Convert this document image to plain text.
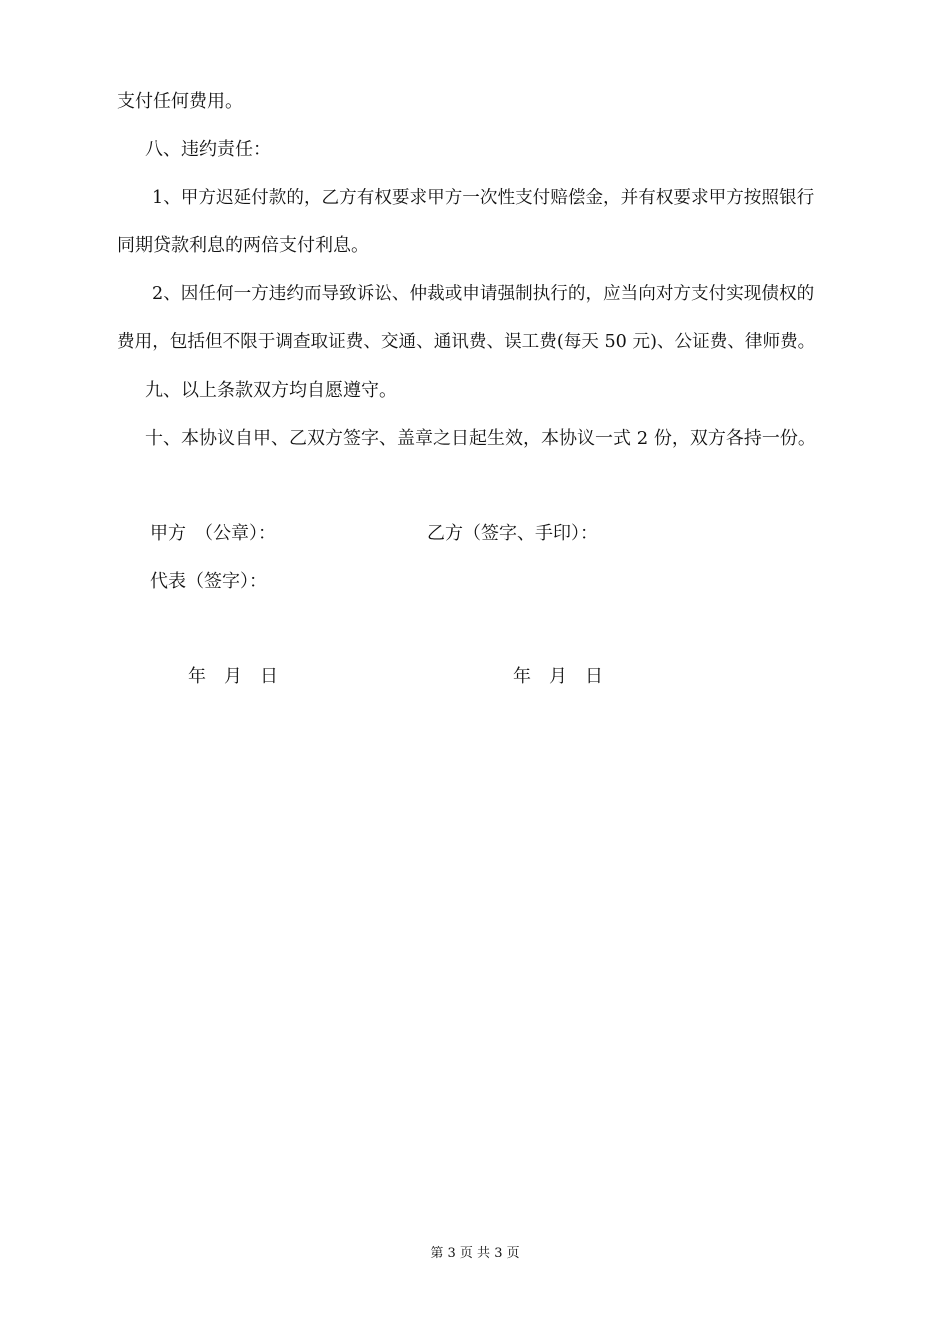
支付任何费用。
八、违约责任：
1、甲方迟延付款的，乙方有权要求甲方一次性支付赔偿金，并有权要求甲方按照银行
同期贷款利息的两倍支付利息。
2、因任何一方违约而导致诉讼、仲裁或申请强制执行的，应当向对方支付实现债权的
费用，包括但不限于调查取证费、交通、通讯费、误工费(每天 50 元)、公证费、律师费。
九、以上条款双方均自愿遵守。
十、本协议自甲、乙双方签字、盖章之日起生效，本协议一式 2 份，双方各持一份。
甲方　（公章）：	乙方（签字、手印）：
代表（签字）：
年　月　日	年　月　日
第 3 页 共 3 页
